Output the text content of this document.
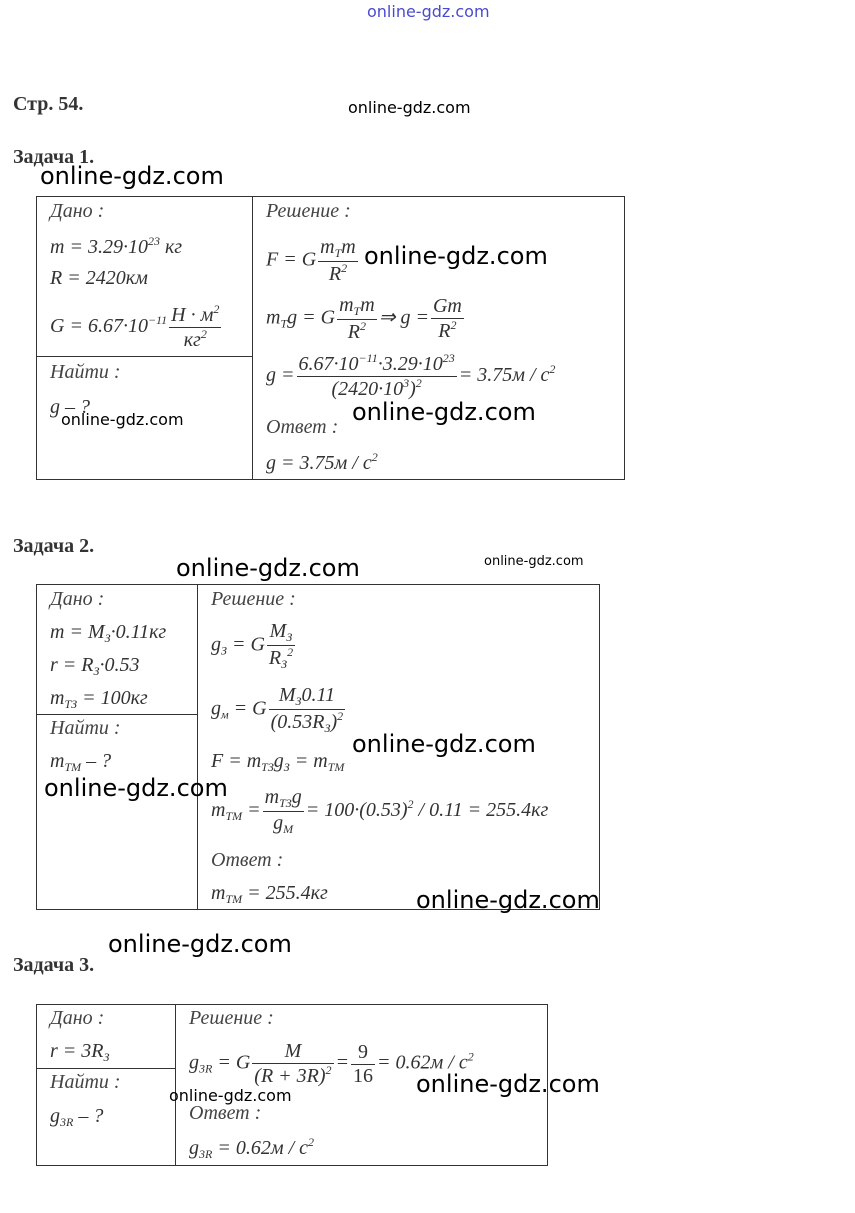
online-gdz.com
online-gdz.com
online-gdz.com
Стр. 54.
Задача 1.
Дано :
$m = 3.29\cdot 10^{23}$ кг
R = 2420км
$G = 6.67\cdot 10^{-11} \frac{Н \cdot м^2}{кг^2}$
Найти :
g – ?
online-gdz.com
Решение :
F = G $\frac{m_Tm}{R^2}$ online-gdz.com
$m_Tg = G \frac{m_Tm}{R^2}$ ⇒ $g = \frac{Gm}{R^2}$
$g = \frac{6.67\cdot 10^{-11}\cdot 3.29\cdot 10^{23}}{(2420\cdot 10^3)^2} = 3.75м / с^2$
online-gdz.com
Ответ :
$g = 3.75м / с^2$
Задача 2.
online-gdz.com	online-gdz.com
Дано :
$m = M_З\cdot 0.11кг$
$r = R_З\cdot 0.53$
$m_{ТЗ} = 100кг$
Найти :
$m_{ТМ}$ – ?
online-gdz.com
Решение :
$g_З = G \frac{M_З}{R_З^2}$
$g_м = G \frac{M_З0.11}{(0.53R_З)^2}$
online-gdz.com
$F = m_{ТЗ}g_З = m_{ТМ}$
$m_{ТМ} = \frac{m_{ТЗ}g}{g_М} = 100\cdot(0.53)^2 / 0.11 = 255.4кг$
Ответ :
$m_{ТМ} = 255.4кг$	online-gdz.com
online-gdz.com
Задача 3.
Дано :
$r = 3R_З$
Найти :
$g_{3R}$ – ?
Решение :
$g_{3R} = G \frac{M}{(R + 3R)^2} = \frac{9}{16} = 0.62м / с^2$
online-gdz.com
online-gdz.com
Ответ :
$g_{3R} = 0.62м / с^2$
